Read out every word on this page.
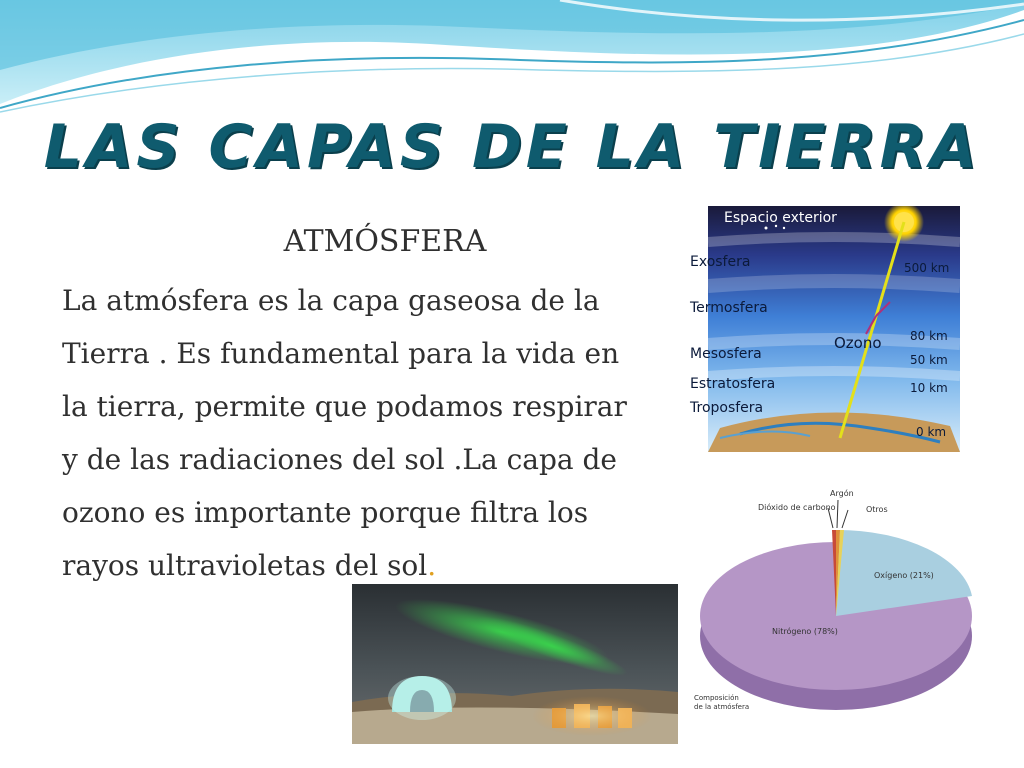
LAS CAPAS DE LA TIERRA
ATMÓSFERA
La atmósfera es la capa gaseosa de la
Tierra . Es fundamental para la vida en
la tierra, permite que podamos respirar
y de las radiaciones del sol .La capa de
ozono es importante porque filtra los
rayos ultravioletas del sol.
Espacio exterior
Exosfera
Termosfera
Mesosfera
Estratosfera
Troposfera
Ozono
500 km
80 km
50 km
10 km
0 km
Dióxido de carbono
Argón
Otros
Oxígeno (21%)
Nitrógeno (78%)
Composición
de la atmósfera
